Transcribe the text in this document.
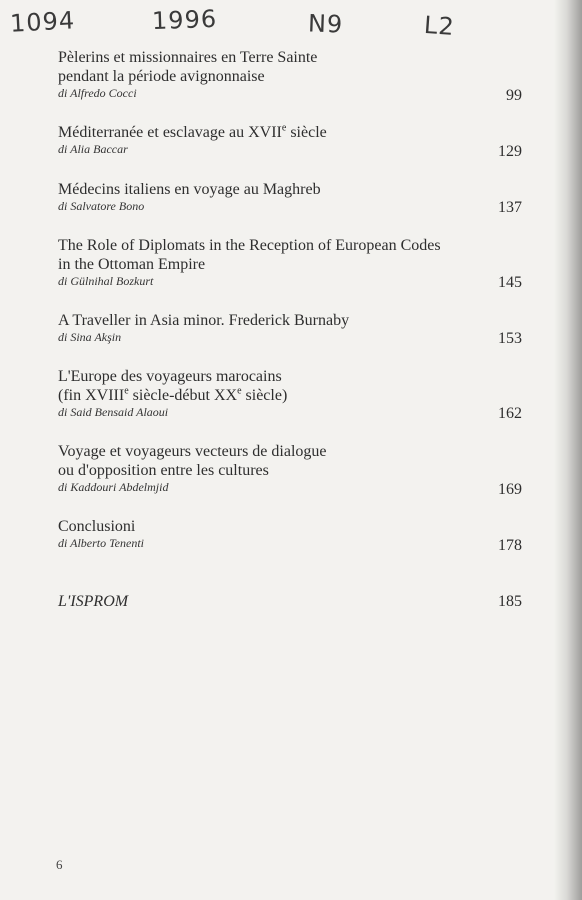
1094	1996	N9	L2
Pèlerins et missionnaires en Terre Sainte
pendant la période avignonnaise
di Alfredo Cocci	99
Méditerranée et esclavage au XVIIe siècle
di Alia Baccar	129
Médecins italiens en voyage au Maghreb
di Salvatore Bono	137
The Role of Diplomats in the Reception of European Codes
in the Ottoman Empire
di Gülnihal Bozkurt	145
A Traveller in Asia minor. Frederick Burnaby
di Sina Akşin	153
L'Europe des voyageurs marocains
(fin XVIIIe siècle-début XXe siècle)
di Said Bensaid Alaoui	162
Voyage et voyageurs vecteurs de dialogue
ou d'opposition entre les cultures
di Kaddouri Abdelmjid	169
Conclusioni
di Alberto Tenenti	178
L'ISPROM	185
6
